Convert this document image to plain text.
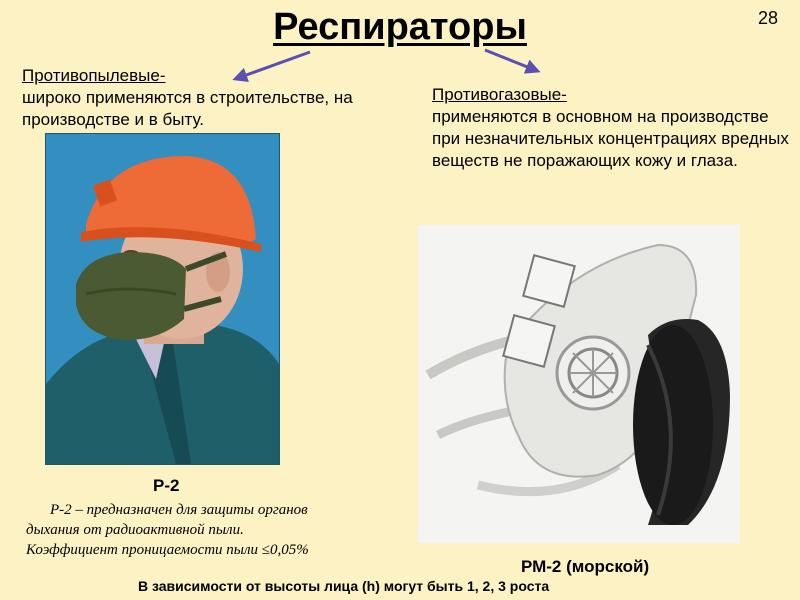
Респираторы	28
Противопылевые-
широко применяются в строительстве, на производстве и в быту.
Противогазовые-
применяются в основном на производстве при незначительных концентрациях вредных веществ не поражающих кожу и глаза.
Р-2
Р-2 – предназначен для защиты органов
дыхания от радиоактивной пыли.
Коэффициент проницаемости пыли ≤0,05%
РМ-2 (морской)
В зависимости от высоты лица (h) могут быть 1, 2, 3 роста
